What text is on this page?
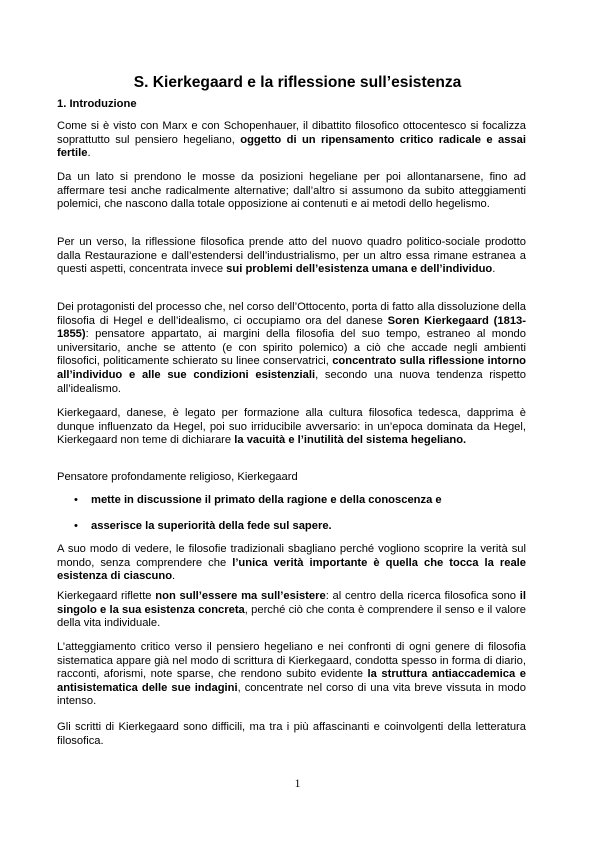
S. Kierkegaard e la riflessione sull’esistenza
1. Introduzione

Come si è visto con Marx e con Schopenhauer, il dibattito filosofico ottocentesco si focalizza soprattutto sul pensiero hegeliano, oggetto di un ripensamento critico radicale e assai fertile.

Da un lato si prendono le mosse da posizioni hegeliane per poi allontanarsene, fino ad affermare tesi anche radicalmente alternative; dall’altro si assumono da subito atteggiamenti polemici, che nascono dalla totale opposizione ai contenuti e ai metodi dello hegelismo.

Per un verso, la riflessione filosofica prende atto del nuovo quadro politico-sociale prodotto dalla Restaurazione e dall’estendersi dell’industrialismo, per un altro essa rimane estranea a questi aspetti, concentrata invece sui problemi dell’esistenza umana e dell’individuo.

Dei protagonisti del processo che, nel corso dell’Ottocento, porta di fatto alla dissoluzione della filosofia di Hegel e dell’idealismo, ci occupiamo ora del danese Soren Kierkegaard (1813-1855): pensatore appartato, ai margini della filosofia del suo tempo, estraneo al mondo universitario, anche se attento (e con spirito polemico) a ciò che accade negli ambienti filosofici, politicamente schierato su linee conservatrici, concentrato sulla riflessione intorno all’individuo e alle sue condizioni esistenziali, secondo una nuova tendenza rispetto all’idealismo.

Kierkegaard, danese, è legato per formazione alla cultura filosofica tedesca, dapprima è dunque influenzato da Hegel, poi suo irriducibile avversario: in un’epoca dominata da Hegel, Kierkegaard non teme di dichiarare la vacuità e l’inutilità del sistema hegeliano.

Pensatore profondamente religioso, Kierkegaard

• mette in discussione il primato della ragione e della conoscenza e
• asserisce la superiorità della fede sul sapere.

A suo modo di vedere, le filosofie tradizionali sbagliano perché vogliono scoprire la verità sul mondo, senza comprendere che l’unica verità importante è quella che tocca la reale esistenza di ciascuno.

Kierkegaard riflette non sull’essere ma sull’esistere: al centro della ricerca filosofica sono il singolo e la sua esistenza concreta, perché ciò che conta è comprendere il senso e il valore della vita individuale.

L’atteggiamento critico verso il pensiero hegeliano e nei confronti di ogni genere di filosofia sistematica appare già nel modo di scrittura di Kierkegaard, condotta spesso in forma di diario, racconti, aforismi, note sparse, che rendono subito evidente la struttura antiaccademica e antisistematica delle sue indagini, concentrate nel corso di una vita breve vissuta in modo intenso.

Gli scritti di Kierkegaard sono difficili, ma tra i più affascinanti e coinvolgenti della letteratura filosofica.

1
